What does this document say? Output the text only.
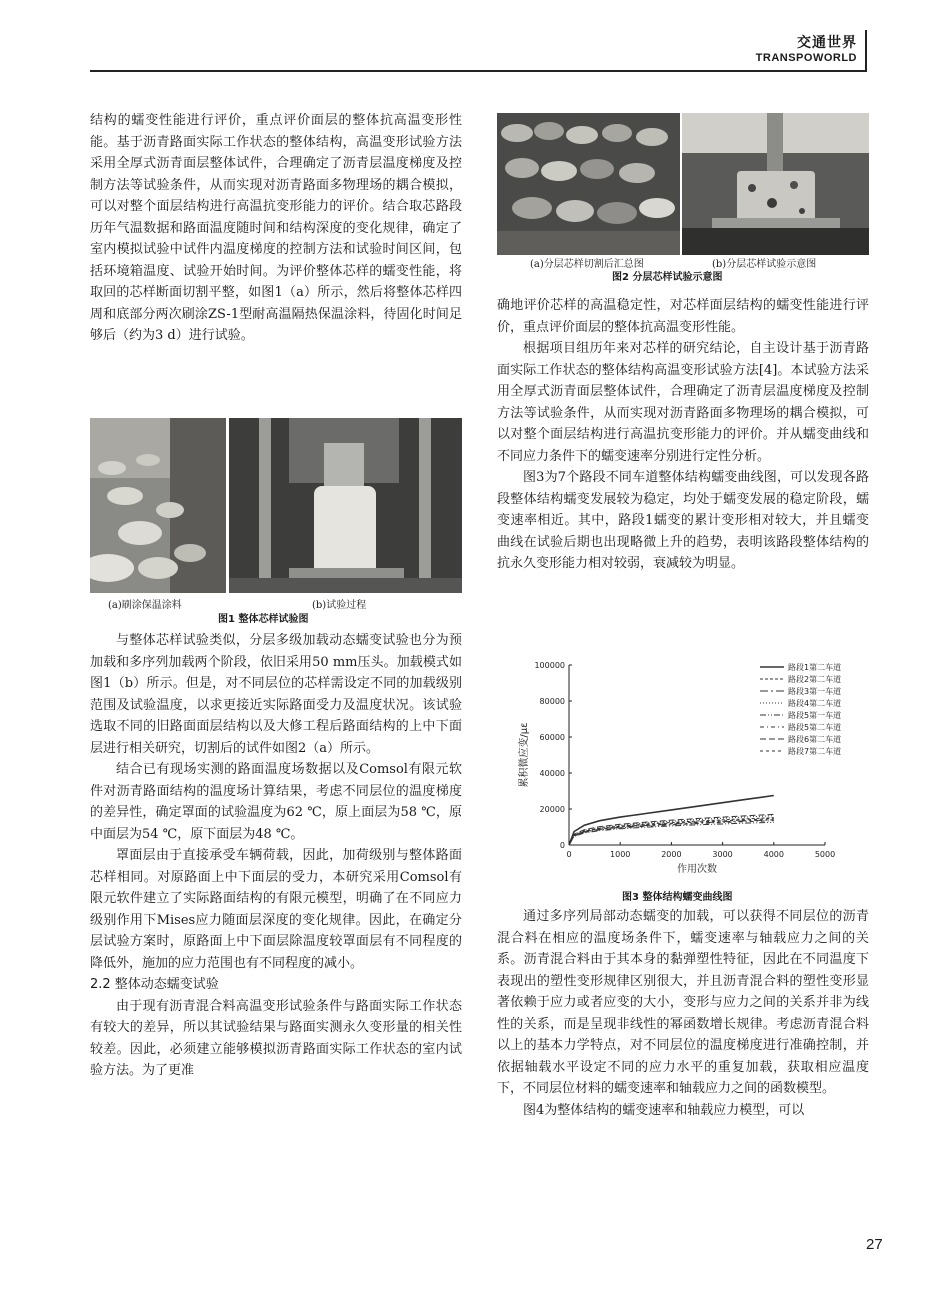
交通世界
TRANSPOWORLD

结构的蠕变性能进行评价，重点评价面层的整体抗高温变形性能。基于沥青路面实际工作状态的整体结构，高温变形试验方法采用全厚式沥青面层整体试件，合理确定了沥青层温度梯度及控制方法等试验条件，从而实现对沥青路面多物理场的耦合模拟，可以对整个面层结构进行高温抗变形能力的评价。结合取芯路段历年气温数据和路面温度随时间和结构深度的变化规律，确定了室内模拟试验中试件内温度梯度的控制方法和试验时间区间，包括环境箱温度、试验开始时间。为评价整体芯样的蠕变性能，将取回的芯样断面切割平整，如图1（a）所示，然后将整体芯样四周和底部分两次刷涂ZS-1型耐高温隔热保温涂料，待固化时间足够后（约为3 d）进行试验。

(a)刷涂保温涂料	(b)试验过程
图1 整体芯样试验图

与整体芯样试验类似，分层多级加载动态蠕变试验也分为预加载和多序列加载两个阶段，依旧采用50 mm压头。加载模式如图1（b）所示。但是，对不同层位的芯样需设定不同的加载级别范围及试验温度，以求更接近实际路面受力及温度状况。该试验选取不同的旧路面面层结构以及大修工程后路面结构的上中下面层进行相关研究，切割后的试件如图2（a）所示。

结合已有现场实测的路面温度场数据以及Comsol有限元软件对沥青路面结构的温度场计算结果，考虑不同层位的温度梯度的差异性，确定罩面的试验温度为62 ℃，原上面层为58 ℃，原中面层为54 ℃，原下面层为48 ℃。

罩面层由于直接承受车辆荷载，因此，加荷级别与整体路面芯样相同。对原路面上中下面层的受力，本研究采用Comsol有限元软件建立了实际路面结构的有限元模型，明确了在不同应力级别作用下Mises应力随面层深度的变化规律。因此，在确定分层试验方案时，原路面上中下面层除温度较罩面层有不同程度的降低外，施加的应力范围也有不同程度的减小。

2.2 整体动态蠕变试验

由于现有沥青混合料高温变形试验条件与路面实际工作状态有较大的差异，所以其试验结果与路面实测永久变形量的相关性较差。因此，必须建立能够模拟沥青路面实际工作状态的室内试验方法。为了更准

(a)分层芯样切割后汇总图	(b)分层芯样试验示意图
图2 分层芯样试验示意图

确地评价芯样的高温稳定性，对芯样面层结构的蠕变性能进行评价，重点评价面层的整体抗高温变形性能。

根据项目组历年来对芯样的研究结论，自主设计基于沥青路面实际工作状态的整体结构高温变形试验方法[4]。本试验方法采用全厚式沥青面层整体试件，合理确定了沥青层温度梯度及控制方法等试验条件，从而实现对沥青路面多物理场的耦合模拟，可以对整个面层结构进行高温抗变形能力的评价。并从蠕变曲线和不同应力条件下的蠕变速率分别进行定性分析。

图3为7个路段不同车道整体结构蠕变曲线图，可以发现各路段整体结构蠕变发展较为稳定，均处于蠕变发展的稳定阶段，蠕变速率相近。其中，路段1蠕变的累计变形相对较大，并且蠕变曲线在试验后期也出现略微上升的趋势，表明该路段整体结构的抗永久变形能力相对较弱，衰减较为明显。

0	1000	2000	3000	4000	5000
0
20000
40000
60000
80000
100000
作用次数
累积微应变/με
路段1第二车道
路段2第二车道
路段3第一车道
路段4第二车道
路段5第一车道
路段5第二车道
路段6第二车道
路段7第二车道
图3 整体结构蠕变曲线图

通过多序列局部动态蠕变的加载，可以获得不同层位的沥青混合料在相应的温度场条件下，蠕变速率与轴载应力之间的关系。沥青混合料由于其本身的黏弹塑性特征，因此在不同温度下表现出的塑性变形规律区别很大，并且沥青混合料的塑性变形显著依赖于应力或者应变的大小，变形与应力之间的关系并非为线性的关系，而是呈现非线性的幂函数增长规律。考虑沥青混合料以上的基本力学特点，对不同层位的温度梯度进行准确控制，并依据轴载水平设定不同的应力水平的重复加载，获取相应温度下，不同层位材料的蠕变速率和轴载应力之间的函数模型。

图4为整体结构的蠕变速率和轴载应力模型，可以

27
